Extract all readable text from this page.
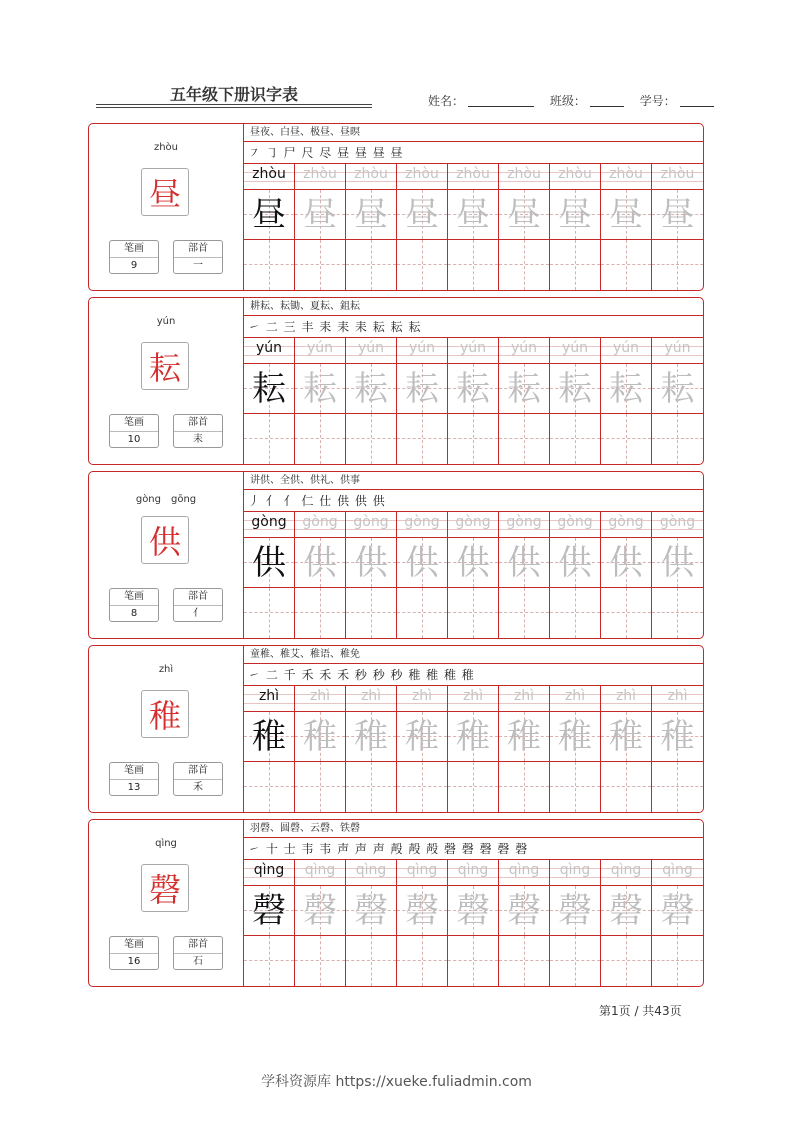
五年级下册识字表	姓名：	班级：	学号：
zhòu
昼
笔画
9
部首
一
昼夜、白昼、极昼、昼暝
㇇ ㇆ 尸 尺 尽 昼 昼 昼 昼
zhòu	zhòu	zhòu	zhòu	zhòu	zhòu	zhòu	zhòu	zhòu
昼 昼 昼 昼 昼 昼 昼 昼 昼
yún
耘
笔画
10
部首
耒
耕耘、耘锄、夏耘、鉏耘
㇀ 二 三 丰 耒 耒 耒 耘 耘 耘
yún	yún	yún	yún	yún	yún	yún	yún	yún
耘 耘 耘 耘 耘 耘 耘 耘 耘
gòng　gōng
供
笔画
8
部首
亻
讲供、全供、供礼、供事
丿 亻 亻 仁 仕 供 供 供
gòng	gòng	gòng	gòng	gòng	gòng	gòng	gòng	gòng
供 供 供 供 供 供 供 供 供
zhì
稚
笔画
13
部首
禾
童稚、稚艾、稚语、稚免
㇀ 二 千 禾 禾 禾 秒 秒 秒 稚 稚 稚 稚
zhì	zhì	zhì	zhì	zhì	zhì	zhì	zhì	zhì
稚 稚 稚 稚 稚 稚 稚 稚 稚
qìng
磬
笔画
16
部首
石
羽磬、圆磬、云磬、铁磬
㇀ 十 士 韦 韦 声 声 声 殸 殸 殸 磬 磬 磬 磬 磬
qìng	qìng	qìng	qìng	qìng	qìng	qìng	qìng	qìng
磬 磬 磬 磬 磬 磬 磬 磬 磬
第1页 / 共43页
学科资源库 https://xueke.fuliadmin.com
